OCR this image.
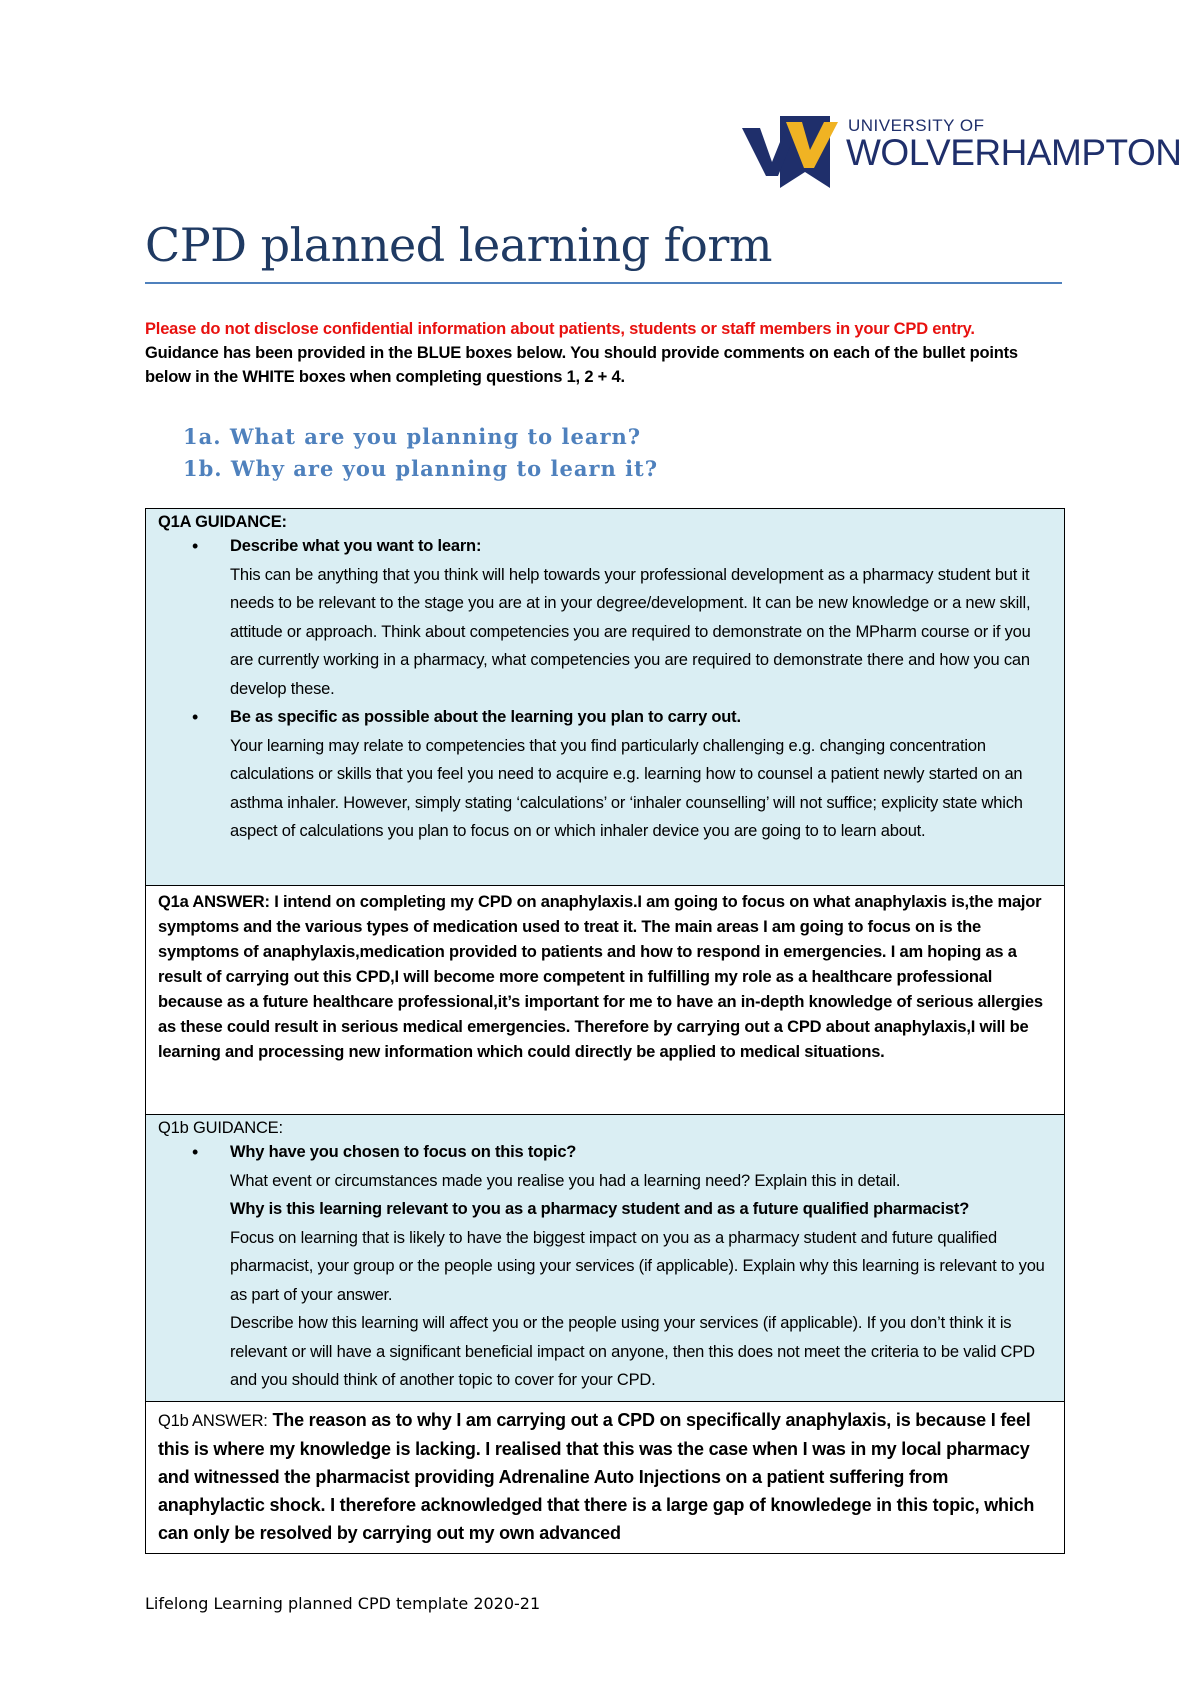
UNIVERSITY OF
WOLVERHAMPTON
CPD planned learning form
Please do not disclose confidential information about patients, students or staff members in your CPD entry.
Guidance has been provided in the BLUE boxes below. You should provide comments on each of the bullet points below in the WHITE boxes when completing questions 1, 2 + 4.
1a. What are you planning to learn?
1b. Why are you planning to learn it?
Q1A GUIDANCE:
• Describe what you want to learn:
This can be anything that you think will help towards your professional development as a pharmacy student but it needs to be relevant to the stage you are at in your degree/development. It can be new knowledge or a new skill, attitude or approach. Think about competencies you are required to demonstrate on the MPharm course or if you are currently working in a pharmacy, what competencies you are required to demonstrate there and how you can develop these.
• Be as specific as possible about the learning you plan to carry out.
Your learning may relate to competencies that you find particularly challenging e.g. changing concentration calculations or skills that you feel you need to acquire e.g. learning how to counsel a patient newly started on an asthma inhaler. However, simply stating ‘calculations’ or ‘inhaler counselling’ will not suffice; explicity state which aspect of calculations you plan to focus on or which inhaler device you are going to to learn about.

Q1a ANSWER: I intend on completing my CPD on anaphylaxis.I am going to focus on what anaphylaxis is,the major symptoms and the various types of medication used to treat it. The main areas I am going to focus on is the symptoms of anaphylaxis,medication provided to patients and how to respond in emergencies. I am hoping as a result of carrying out this CPD,I will become more competent in fulfilling my role as a healthcare professional because as a future healthcare professional,it’s important for me to have an in-depth knowledge of serious allergies as these could result in serious medical emergencies. Therefore by carrying out a CPD about anaphylaxis,I will be learning and processing new information which could directly be applied to medical situations.

Q1b GUIDANCE:
• Why have you chosen to focus on this topic?
What event or circumstances made you realise you had a learning need? Explain this in detail.
Why is this learning relevant to you as a pharmacy student and as a future qualified pharmacist?
Focus on learning that is likely to have the biggest impact on you as a pharmacy student and future qualified pharmacist, your group or the people using your services (if applicable). Explain why this learning is relevant to you as part of your answer.
Describe how this learning will affect you or the people using your services (if applicable). If you don’t think it is relevant or will have a significant beneficial impact on anyone, then this does not meet the criteria to be valid CPD and you should think of another topic to cover for your CPD.

Q1b ANSWER: The reason as to why I am carrying out a CPD on specifically anaphylaxis, is because I feel this is where my knowledge is lacking. I realised that this was the case when I was in my local pharmacy and witnessed the pharmacist providing Adrenaline Auto Injections on a patient suffering from anaphylactic shock. I therefore acknowledged that there is a large gap of knowledege in this topic, which can only be resolved by carrying out my own advanced
Lifelong Learning planned CPD template 2020-21
